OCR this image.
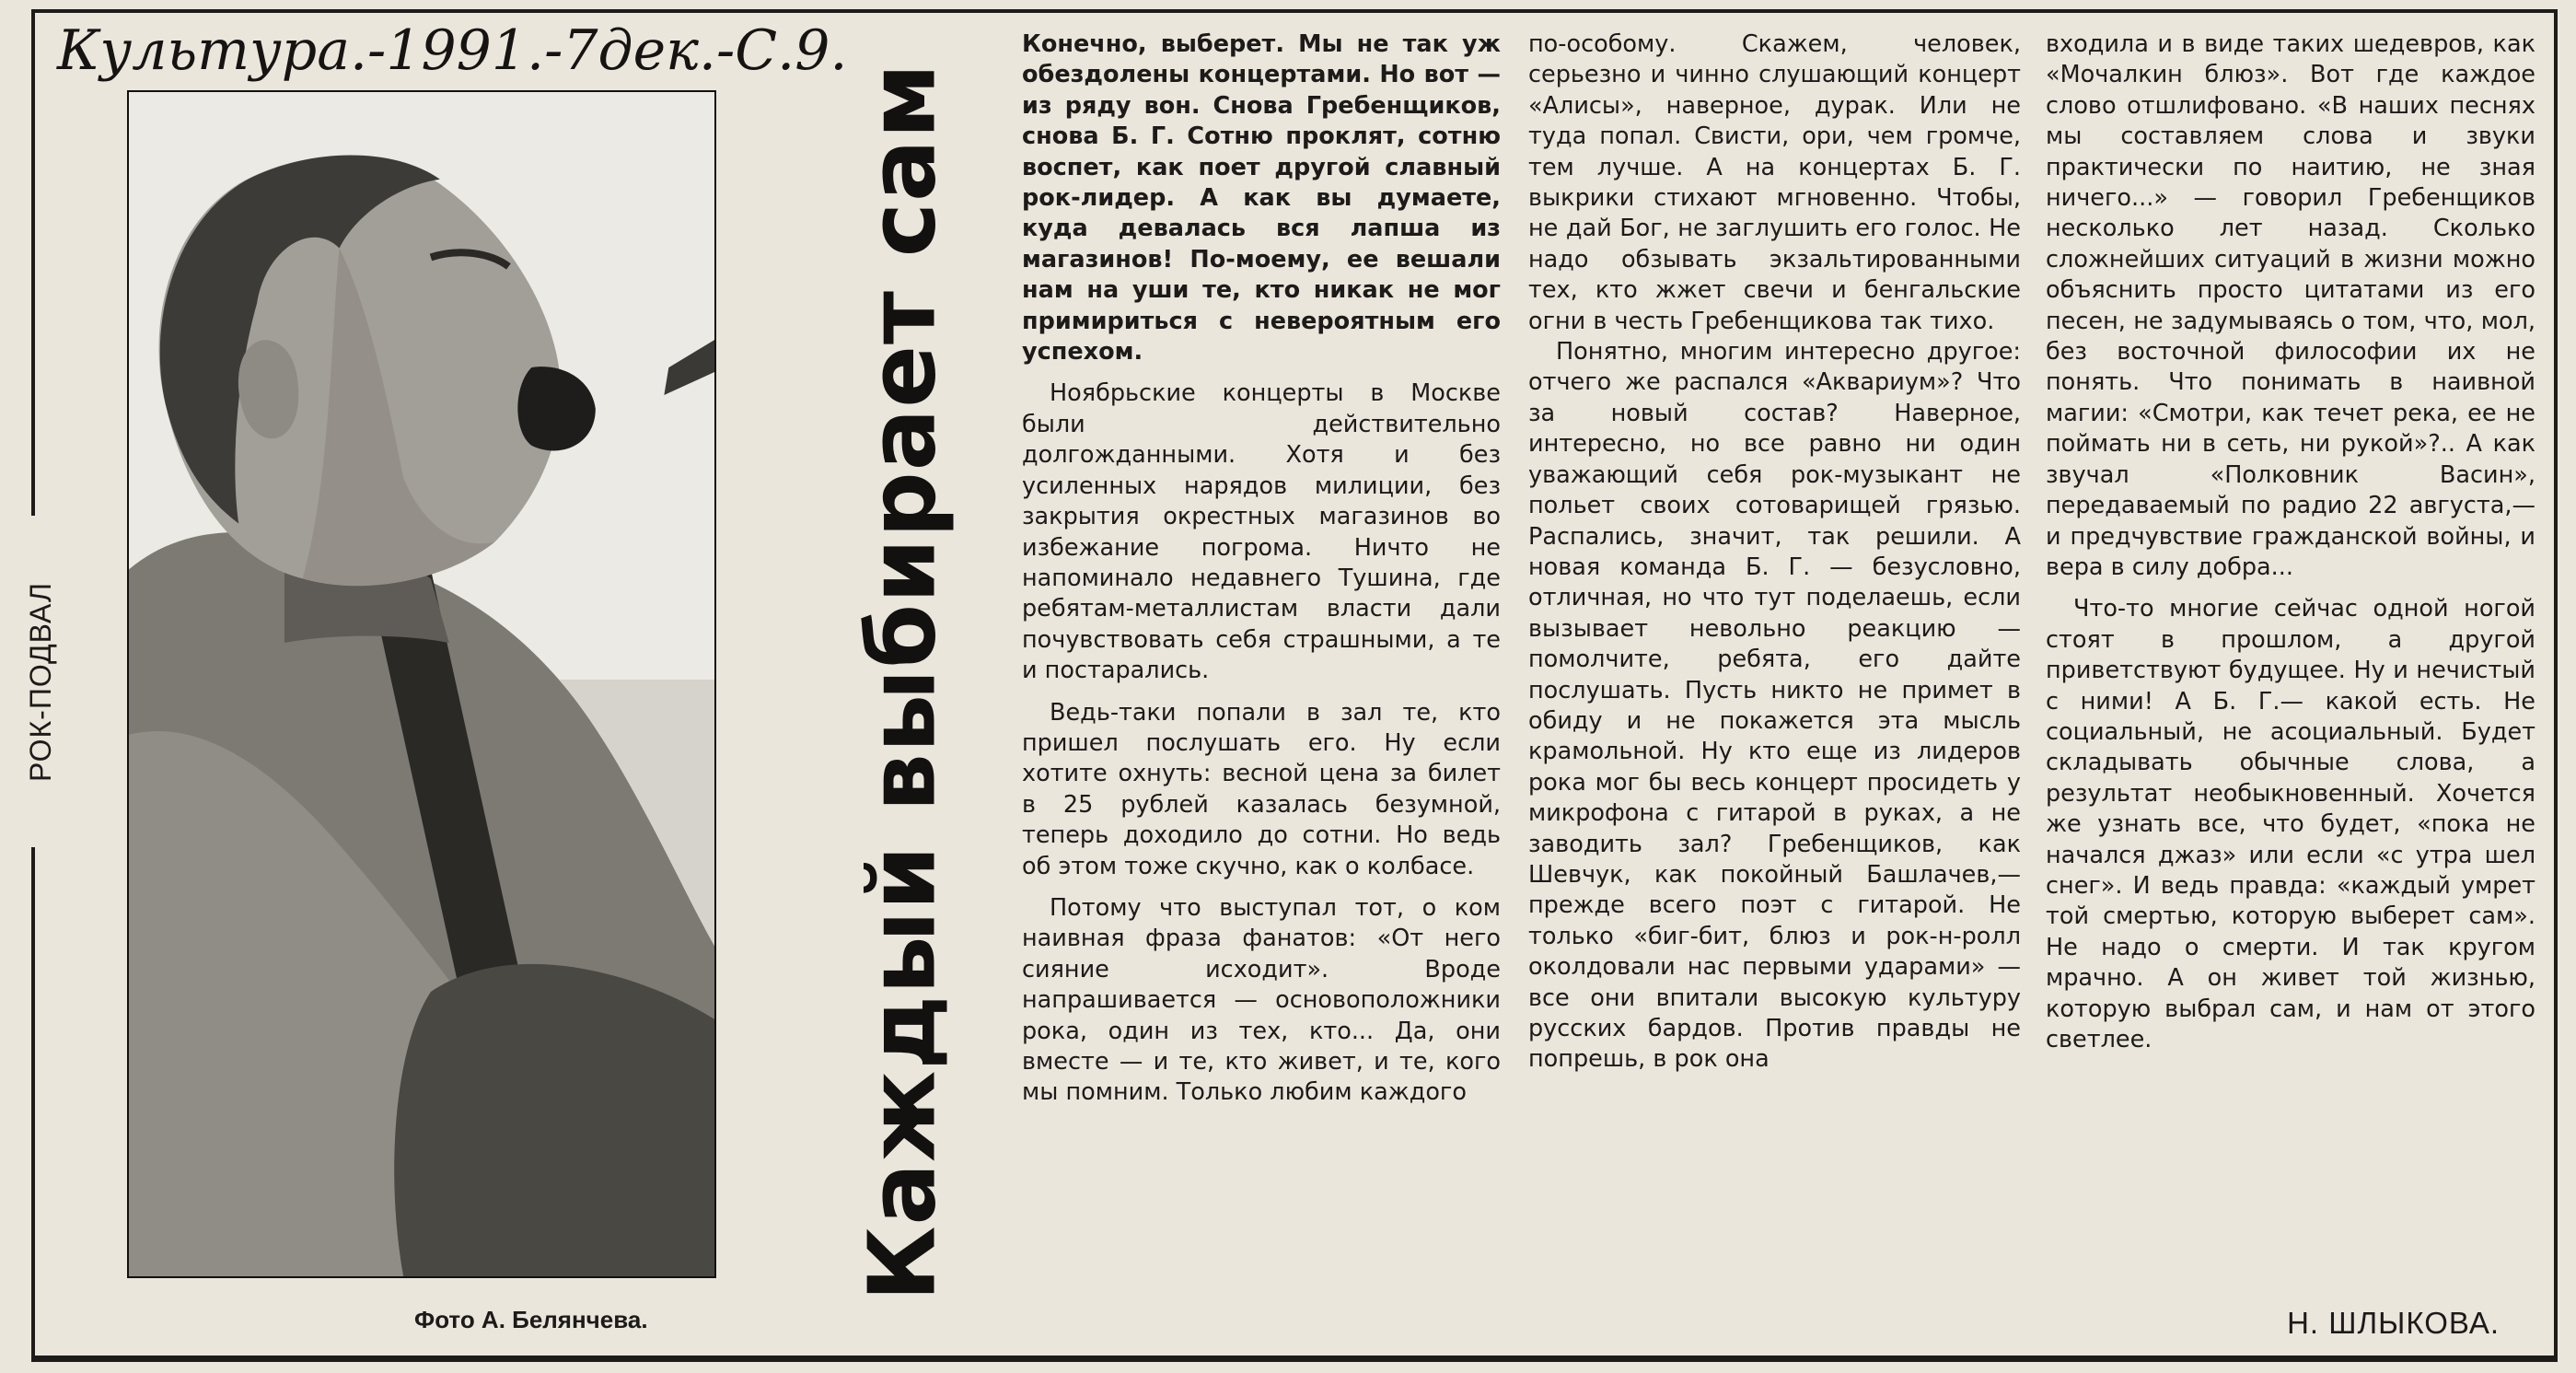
Культура.-1991.-7дек.-С.9.
РОК-ПОДВАЛ
Фото А. Белянчева.
Каждый выбирает сам

Конечно, выберет. Мы не так уж обездолены концертами. Но вот — из ряду вон. Снова Гребенщиков, снова Б. Г. Сотню проклят, сотню воспет, как поет другой славный рок-лидер. А как вы думаете, куда девалась вся лапша из магазинов! По-моему, ее вешали нам на уши те, кто никак не мог примириться с невероятным его успехом.

Ноябрьские концерты в Москве были действительно долгожданными. Хотя и без усиленных нарядов милиции, без закрытия окрестных магазинов во избежание погрома. Ничто не напоминало недавнего Тушина, где ребятам-металлистам власти дали почувствовать себя страшными, а те и постарались.

Ведь-таки попали в зал те, кто пришел послушать его. Ну если хотите охнуть: весной цена за билет в 25 рублей казалась безумной, теперь доходило до сотни. Но ведь об этом тоже скучно, как о колбасе.

Потому что выступал тот, о ком наивная фраза фанатов: «От него сияние исходит». Вроде напрашивается — основоположники рока, один из тех, кто... Да, они вместе — и те, кто живет, и те, кого мы помним. Только любим каждого

по-особому. Скажем, человек, серьезно и чинно слушающий концерт «Алисы», наверное, дурак. Или не туда попал. Свисти, ори, чем громче, тем лучше. А на концертах Б. Г. выкрики стихают мгновенно. Чтобы, не дай Бог, не заглушить его голос. Не надо обзывать экзальтированными тех, кто жжет свечи и бенгальские огни в честь Гребенщикова так тихо.

Понятно, многим интересно другое: отчего же распался «Аквариум»? Что за новый состав? Наверное, интересно, но все равно ни один уважающий себя рок-музыкант не польет своих сотоварищей грязью. Распались, значит, так решили. А новая команда Б. Г. — безусловно, отличная, но что тут поделаешь, если вызывает невольно реакцию — помолчите, ребята, его дайте послушать. Пусть никто не примет в обиду и не покажется эта мысль крамольной. Ну кто еще из лидеров рока мог бы весь концерт просидеть у микрофона с гитарой в руках, а не заводить зал? Гребенщиков, как Шевчук, как покойный Башлачев,— прежде всего поэт с гитарой. Не только «биг-бит, блюз и рок-н-ролл околдовали нас первыми ударами» — все они впитали высокую культуру русских бардов. Против правды не попрешь, в рок она

входила и в виде таких шедевров, как «Мочалкин блюз». Вот где каждое слово отшлифовано. «В наших песнях мы составляем слова и звуки практически по наитию, не зная ничего...» — говорил Гребенщиков несколько лет назад. Сколько сложнейших ситуаций в жизни можно объяснить просто цитатами из его песен, не задумываясь о том, что, мол, без восточной философии их не понять. Что понимать в наивной магии: «Смотри, как течет река, ее не поймать ни в сеть, ни рукой»?.. А как звучал «Полковник Васин», передаваемый по радио 22 августа,— и предчувствие гражданской войны, и вера в силу добра...

Что-то многие сейчас одной ногой стоят в прошлом, а другой приветствуют будущее. Ну и нечистый с ними! А Б. Г.— какой есть. Не социальный, не асоциальный. Будет складывать обычные слова, а результат необыкновенный. Хочется же узнать все, что будет, «пока не начался джаз» или если «с утра шел снег». И ведь правда: «каждый умрет той смертью, которую выберет сам». Не надо о смерти. И так кругом мрачно. А он живет той жизнью, которую выбрал сам, и нам от этого светлее.

Н. ШЛЫКОВА.
